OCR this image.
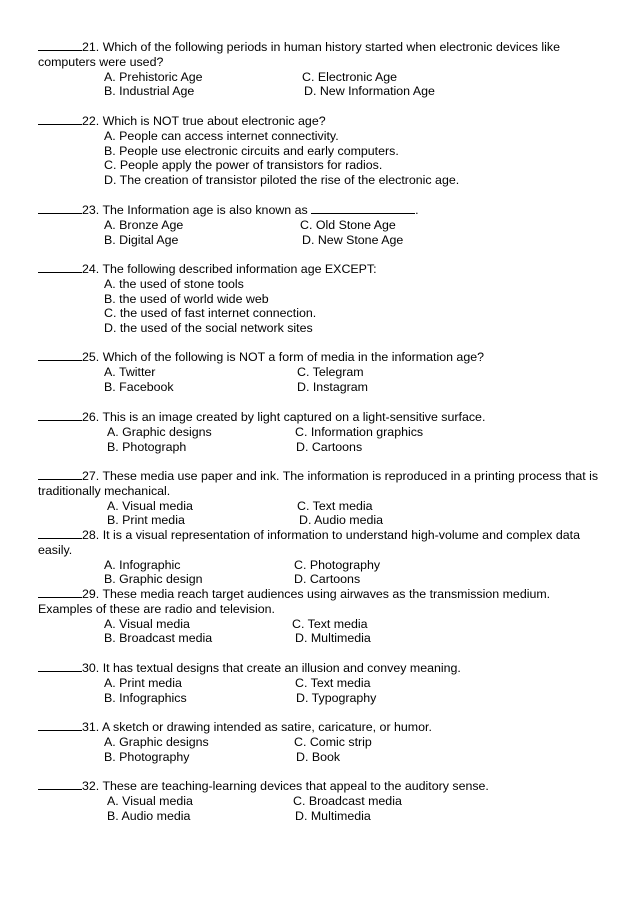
21. Which of the following periods in human history started when electronic devices like computers were used?
A. Prehistoric Age	C. Electronic Age
B. Industrial Age	D. New Information Age
22. Which is NOT true about electronic age?
A. People can access internet connectivity.
B. People use electronic circuits and early computers.
C. People apply the power of transistors for radios.
D. The creation of transistor piloted the rise of the electronic age.
23. The Information age is also known as	.
A. Bronze Age	C. Old Stone Age
B. Digital Age	D. New Stone Age
24. The following described information age EXCEPT:
A. the used of stone tools
B. the used of world wide web
C. the used of fast internet connection.
D. the used of the social network sites
25. Which of the following is NOT a form of media in the information age?
A. Twitter	C. Telegram
B. Facebook	D. Instagram
26. This is an image created by light captured on a light-sensitive surface.
A. Graphic designs	C. Information graphics
B. Photograph	D. Cartoons
27. These media use paper and ink. The information is reproduced in a printing process that is traditionally mechanical.
A. Visual media	C. Text media
B. Print media	D. Audio media
28. It is a visual representation of information to understand high-volume and complex data easily.
A. Infographic	C. Photography
B. Graphic design	D. Cartoons
29. These media reach target audiences using airwaves as the transmission medium. Examples of these are radio and television.
A. Visual media	C. Text media
B. Broadcast media	D. Multimedia
30. It has textual designs that create an illusion and convey meaning.
A. Print media	C. Text media
B. Infographics	D. Typography
31. A sketch or drawing intended as satire, caricature, or humor.
A. Graphic designs	C. Comic strip
B. Photography	D. Book
32. These are teaching-learning devices that appeal to the auditory sense.
A. Visual media	C. Broadcast media
B. Audio media	D. Multimedia
